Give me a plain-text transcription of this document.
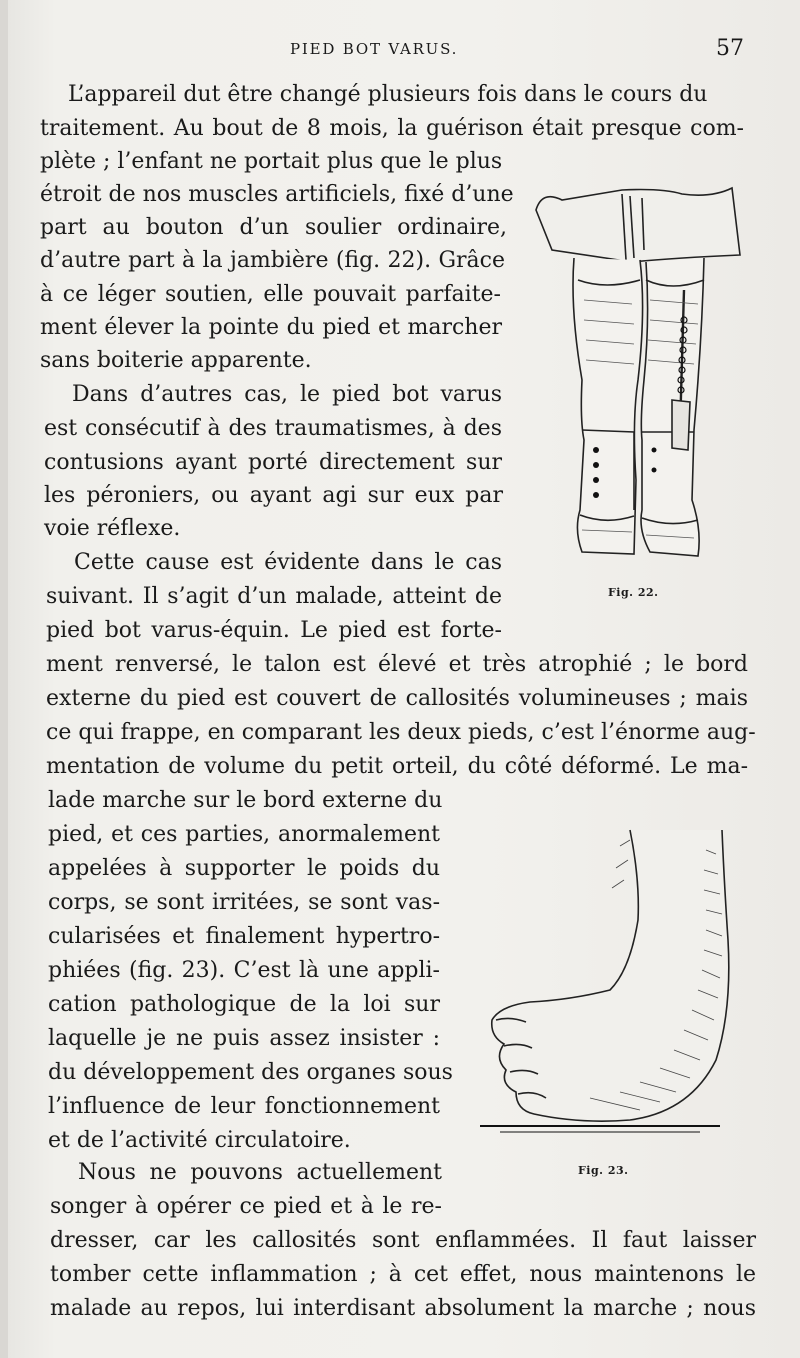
PIED BOT VARUS.	57
L’appareil dut être changé plusieurs fois dans le cours du
traitement. Au bout de 8 mois, la guérison était presque com-
plète ; l’enfant ne portait plus que le plus
étroit de nos muscles artificiels, fixé d’une
part au bouton d’un soulier ordinaire,
d’autre part à la jambière (fig. 22). Grâce
à ce léger soutien, elle pouvait parfaite-
ment élever la pointe du pied et marcher
sans boiterie apparente.
Dans d’autres cas, le pied bot varus
est consécutif à des traumatismes, à des
contusions ayant porté directement sur
les péroniers, ou ayant agi sur eux par
voie réflexe.
Cette cause est évidente dans le cas
suivant. Il s’agit d’un malade, atteint de
pied bot varus-équin. Le pied est forte-
ment renversé, le talon est élevé et très atrophié ; le bord
externe du pied est couvert de callosités volumineuses ; mais
ce qui frappe, en comparant les deux pieds, c’est l’énorme aug-
mentation de volume du petit orteil, du côté déformé. Le ma-
lade marche sur le bord externe du
pied, et ces parties, anormalement
appelées à supporter le poids du
corps, se sont irritées, se sont vas-
cularisées et finalement hypertro-
phiées (fig. 23). C’est là une appli-
cation pathologique de la loi sur
laquelle je ne puis assez insister :
du développement des organes sous
l’influence de leur fonctionnement
et de l’activité circulatoire.
Nous ne pouvons actuellement
songer à opérer ce pied et à le re-
dresser, car les callosités sont enflammées. Il faut laisser
tomber cette inflammation ; à cet effet, nous maintenons le
malade au repos, lui interdisant absolument la marche ; nous
Fig. 22.
Fig. 23.
